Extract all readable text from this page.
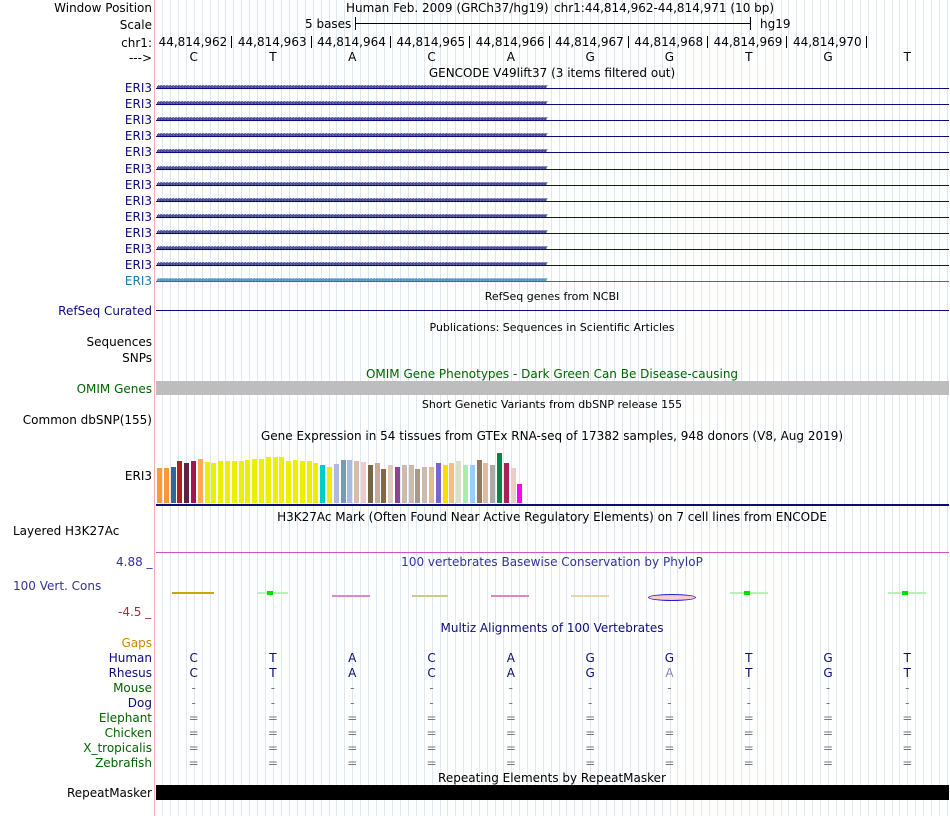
Window Position	Human Feb. 2009 (GRCh37/hg19) chr1:44,814,962-44,814,971 (10 bp)
Scale	5 bases	hg19
chr1: 44,814,962 44,814,963 44,814,964 44,814,965 44,814,966 44,814,967 44,814,968 44,814,969 44,814,970
--->	C	T	A	C	A	G	G	T	G	T
GENCODE V49lift37 (3 items filtered out)
ERI3 ‹‹‹‹‹‹‹‹‹‹‹‹‹‹‹‹‹‹‹‹‹‹‹‹‹‹‹‹‹‹‹‹‹‹‹‹‹‹‹‹‹‹‹‹‹‹‹‹‹‹‹‹‹‹‹‹‹‹‹‹‹‹‹‹‹‹‹‹‹‹‹‹‹‹‹‹‹‹‹‹‹‹‹‹‹‹‹‹‹‹‹‹‹‹‹‹‹‹‹‹‹‹‹‹‹‹‹‹‹‹‹‹‹‹‹‹‹‹‹‹‹‹‹‹‹‹‹‹‹‹‹‹‹‹‹‹‹‹‹‹‹‹‹‹‹‹‹‹‹‹‹‹‹‹‹‹‹‹‹‹‹‹‹‹‹‹‹‹‹‹‹‹‹‹‹‹‹‹‹‹‹‹‹‹‹‹‹‹‹‹‹‹‹‹‹‹‹‹‹‹‹‹‹‹‹‹‹‹‹‹‹‹‹‹‹‹‹‹‹‹‹‹‹‹‹‹‹‹‹‹‹‹‹‹‹‹‹‹‹‹‹‹‹‹‹‹‹‹‹‹‹‹‹‹‹‹‹‹‹‹
ERI3 ‹‹‹‹‹‹‹‹‹‹‹‹‹‹‹‹‹‹‹‹‹‹‹‹‹‹‹‹‹‹‹‹‹‹‹‹‹‹‹‹‹‹‹‹‹‹‹‹‹‹‹‹‹‹‹‹‹‹‹‹‹‹‹‹‹‹‹‹‹‹‹‹‹‹‹‹‹‹‹‹‹‹‹‹‹‹‹‹‹‹‹‹‹‹‹‹‹‹‹‹‹‹‹‹‹‹‹‹‹‹‹‹‹‹‹‹‹‹‹‹‹‹‹‹‹‹‹‹‹‹‹‹‹‹‹‹‹‹‹‹‹‹‹‹‹‹‹‹‹‹‹‹‹‹‹‹‹‹‹‹‹‹‹‹‹‹‹‹‹‹‹‹‹‹‹‹‹‹‹‹‹‹‹‹‹‹‹‹‹‹‹‹‹‹‹‹‹‹‹‹‹‹‹‹‹‹‹‹‹‹‹‹‹‹‹‹‹‹‹‹‹‹‹‹‹‹‹‹‹‹‹‹‹‹‹‹‹‹‹‹‹‹‹‹‹‹‹‹‹‹‹‹‹‹‹‹‹‹‹‹
ERI3 ‹‹‹‹‹‹‹‹‹‹‹‹‹‹‹‹‹‹‹‹‹‹‹‹‹‹‹‹‹‹‹‹‹‹‹‹‹‹‹‹‹‹‹‹‹‹‹‹‹‹‹‹‹‹‹‹‹‹‹‹‹‹‹‹‹‹‹‹‹‹‹‹‹‹‹‹‹‹‹‹‹‹‹‹‹‹‹‹‹‹‹‹‹‹‹‹‹‹‹‹‹‹‹‹‹‹‹‹‹‹‹‹‹‹‹‹‹‹‹‹‹‹‹‹‹‹‹‹‹‹‹‹‹‹‹‹‹‹‹‹‹‹‹‹‹‹‹‹‹‹‹‹‹‹‹‹‹‹‹‹‹‹‹‹‹‹‹‹‹‹‹‹‹‹‹‹‹‹‹‹‹‹‹‹‹‹‹‹‹‹‹‹‹‹‹‹‹‹‹‹‹‹‹‹‹‹‹‹‹‹‹‹‹‹‹‹‹‹‹‹‹‹‹‹‹‹‹‹‹‹‹‹‹‹‹‹‹‹‹‹‹‹‹‹‹‹‹‹‹‹‹‹‹‹‹‹‹‹‹‹
ERI3 ‹‹‹‹‹‹‹‹‹‹‹‹‹‹‹‹‹‹‹‹‹‹‹‹‹‹‹‹‹‹‹‹‹‹‹‹‹‹‹‹‹‹‹‹‹‹‹‹‹‹‹‹‹‹‹‹‹‹‹‹‹‹‹‹‹‹‹‹‹‹‹‹‹‹‹‹‹‹‹‹‹‹‹‹‹‹‹‹‹‹‹‹‹‹‹‹‹‹‹‹‹‹‹‹‹‹‹‹‹‹‹‹‹‹‹‹‹‹‹‹‹‹‹‹‹‹‹‹‹‹‹‹‹‹‹‹‹‹‹‹‹‹‹‹‹‹‹‹‹‹‹‹‹‹‹‹‹‹‹‹‹‹‹‹‹‹‹‹‹‹‹‹‹‹‹‹‹‹‹‹‹‹‹‹‹‹‹‹‹‹‹‹‹‹‹‹‹‹‹‹‹‹‹‹‹‹‹‹‹‹‹‹‹‹‹‹‹‹‹‹‹‹‹‹‹‹‹‹‹‹‹‹‹‹‹‹‹‹‹‹‹‹‹‹‹‹‹‹‹‹‹‹‹‹‹‹‹‹‹‹
ERI3 ‹‹‹‹‹‹‹‹‹‹‹‹‹‹‹‹‹‹‹‹‹‹‹‹‹‹‹‹‹‹‹‹‹‹‹‹‹‹‹‹‹‹‹‹‹‹‹‹‹‹‹‹‹‹‹‹‹‹‹‹‹‹‹‹‹‹‹‹‹‹‹‹‹‹‹‹‹‹‹‹‹‹‹‹‹‹‹‹‹‹‹‹‹‹‹‹‹‹‹‹‹‹‹‹‹‹‹‹‹‹‹‹‹‹‹‹‹‹‹‹‹‹‹‹‹‹‹‹‹‹‹‹‹‹‹‹‹‹‹‹‹‹‹‹‹‹‹‹‹‹‹‹‹‹‹‹‹‹‹‹‹‹‹‹‹‹‹‹‹‹‹‹‹‹‹‹‹‹‹‹‹‹‹‹‹‹‹‹‹‹‹‹‹‹‹‹‹‹‹‹‹‹‹‹‹‹‹‹‹‹‹‹‹‹‹‹‹‹‹‹‹‹‹‹‹‹‹‹‹‹‹‹‹‹‹‹‹‹‹‹‹‹‹‹‹‹‹‹‹‹‹‹‹‹‹‹‹‹‹‹
ERI3 ‹‹‹‹‹‹‹‹‹‹‹‹‹‹‹‹‹‹‹‹‹‹‹‹‹‹‹‹‹‹‹‹‹‹‹‹‹‹‹‹‹‹‹‹‹‹‹‹‹‹‹‹‹‹‹‹‹‹‹‹‹‹‹‹‹‹‹‹‹‹‹‹‹‹‹‹‹‹‹‹‹‹‹‹‹‹‹‹‹‹‹‹‹‹‹‹‹‹‹‹‹‹‹‹‹‹‹‹‹‹‹‹‹‹‹‹‹‹‹‹‹‹‹‹‹‹‹‹‹‹‹‹‹‹‹‹‹‹‹‹‹‹‹‹‹‹‹‹‹‹‹‹‹‹‹‹‹‹‹‹‹‹‹‹‹‹‹‹‹‹‹‹‹‹‹‹‹‹‹‹‹‹‹‹‹‹‹‹‹‹‹‹‹‹‹‹‹‹‹‹‹‹‹‹‹‹‹‹‹‹‹‹‹‹‹‹‹‹‹‹‹‹‹‹‹‹‹‹‹‹‹‹‹‹‹‹‹‹‹‹‹‹‹‹‹‹‹‹‹‹‹‹‹‹‹‹‹‹‹‹
ERI3 ‹‹‹‹‹‹‹‹‹‹‹‹‹‹‹‹‹‹‹‹‹‹‹‹‹‹‹‹‹‹‹‹‹‹‹‹‹‹‹‹‹‹‹‹‹‹‹‹‹‹‹‹‹‹‹‹‹‹‹‹‹‹‹‹‹‹‹‹‹‹‹‹‹‹‹‹‹‹‹‹‹‹‹‹‹‹‹‹‹‹‹‹‹‹‹‹‹‹‹‹‹‹‹‹‹‹‹‹‹‹‹‹‹‹‹‹‹‹‹‹‹‹‹‹‹‹‹‹‹‹‹‹‹‹‹‹‹‹‹‹‹‹‹‹‹‹‹‹‹‹‹‹‹‹‹‹‹‹‹‹‹‹‹‹‹‹‹‹‹‹‹‹‹‹‹‹‹‹‹‹‹‹‹‹‹‹‹‹‹‹‹‹‹‹‹‹‹‹‹‹‹‹‹‹‹‹‹‹‹‹‹‹‹‹‹‹‹‹‹‹‹‹‹‹‹‹‹‹‹‹‹‹‹‹‹‹‹‹‹‹‹‹‹‹‹‹‹‹‹‹‹‹‹‹‹‹‹‹‹‹
ERI3 ‹‹‹‹‹‹‹‹‹‹‹‹‹‹‹‹‹‹‹‹‹‹‹‹‹‹‹‹‹‹‹‹‹‹‹‹‹‹‹‹‹‹‹‹‹‹‹‹‹‹‹‹‹‹‹‹‹‹‹‹‹‹‹‹‹‹‹‹‹‹‹‹‹‹‹‹‹‹‹‹‹‹‹‹‹‹‹‹‹‹‹‹‹‹‹‹‹‹‹‹‹‹‹‹‹‹‹‹‹‹‹‹‹‹‹‹‹‹‹‹‹‹‹‹‹‹‹‹‹‹‹‹‹‹‹‹‹‹‹‹‹‹‹‹‹‹‹‹‹‹‹‹‹‹‹‹‹‹‹‹‹‹‹‹‹‹‹‹‹‹‹‹‹‹‹‹‹‹‹‹‹‹‹‹‹‹‹‹‹‹‹‹‹‹‹‹‹‹‹‹‹‹‹‹‹‹‹‹‹‹‹‹‹‹‹‹‹‹‹‹‹‹‹‹‹‹‹‹‹‹‹‹‹‹‹‹‹‹‹‹‹‹‹‹‹‹‹‹‹‹‹‹‹‹‹‹‹‹‹‹
ERI3 ‹‹‹‹‹‹‹‹‹‹‹‹‹‹‹‹‹‹‹‹‹‹‹‹‹‹‹‹‹‹‹‹‹‹‹‹‹‹‹‹‹‹‹‹‹‹‹‹‹‹‹‹‹‹‹‹‹‹‹‹‹‹‹‹‹‹‹‹‹‹‹‹‹‹‹‹‹‹‹‹‹‹‹‹‹‹‹‹‹‹‹‹‹‹‹‹‹‹‹‹‹‹‹‹‹‹‹‹‹‹‹‹‹‹‹‹‹‹‹‹‹‹‹‹‹‹‹‹‹‹‹‹‹‹‹‹‹‹‹‹‹‹‹‹‹‹‹‹‹‹‹‹‹‹‹‹‹‹‹‹‹‹‹‹‹‹‹‹‹‹‹‹‹‹‹‹‹‹‹‹‹‹‹‹‹‹‹‹‹‹‹‹‹‹‹‹‹‹‹‹‹‹‹‹‹‹‹‹‹‹‹‹‹‹‹‹‹‹‹‹‹‹‹‹‹‹‹‹‹‹‹‹‹‹‹‹‹‹‹‹‹‹‹‹‹‹‹‹‹‹‹‹‹‹‹‹‹‹‹‹
ERI3 ‹‹‹‹‹‹‹‹‹‹‹‹‹‹‹‹‹‹‹‹‹‹‹‹‹‹‹‹‹‹‹‹‹‹‹‹‹‹‹‹‹‹‹‹‹‹‹‹‹‹‹‹‹‹‹‹‹‹‹‹‹‹‹‹‹‹‹‹‹‹‹‹‹‹‹‹‹‹‹‹‹‹‹‹‹‹‹‹‹‹‹‹‹‹‹‹‹‹‹‹‹‹‹‹‹‹‹‹‹‹‹‹‹‹‹‹‹‹‹‹‹‹‹‹‹‹‹‹‹‹‹‹‹‹‹‹‹‹‹‹‹‹‹‹‹‹‹‹‹‹‹‹‹‹‹‹‹‹‹‹‹‹‹‹‹‹‹‹‹‹‹‹‹‹‹‹‹‹‹‹‹‹‹‹‹‹‹‹‹‹‹‹‹‹‹‹‹‹‹‹‹‹‹‹‹‹‹‹‹‹‹‹‹‹‹‹‹‹‹‹‹‹‹‹‹‹‹‹‹‹‹‹‹‹‹‹‹‹‹‹‹‹‹‹‹‹‹‹‹‹‹‹‹‹‹‹‹‹‹‹
ERI3 ‹‹‹‹‹‹‹‹‹‹‹‹‹‹‹‹‹‹‹‹‹‹‹‹‹‹‹‹‹‹‹‹‹‹‹‹‹‹‹‹‹‹‹‹‹‹‹‹‹‹‹‹‹‹‹‹‹‹‹‹‹‹‹‹‹‹‹‹‹‹‹‹‹‹‹‹‹‹‹‹‹‹‹‹‹‹‹‹‹‹‹‹‹‹‹‹‹‹‹‹‹‹‹‹‹‹‹‹‹‹‹‹‹‹‹‹‹‹‹‹‹‹‹‹‹‹‹‹‹‹‹‹‹‹‹‹‹‹‹‹‹‹‹‹‹‹‹‹‹‹‹‹‹‹‹‹‹‹‹‹‹‹‹‹‹‹‹‹‹‹‹‹‹‹‹‹‹‹‹‹‹‹‹‹‹‹‹‹‹‹‹‹‹‹‹‹‹‹‹‹‹‹‹‹‹‹‹‹‹‹‹‹‹‹‹‹‹‹‹‹‹‹‹‹‹‹‹‹‹‹‹‹‹‹‹‹‹‹‹‹‹‹‹‹‹‹‹‹‹‹‹‹‹‹‹‹‹‹‹‹
ERI3 ‹‹‹‹‹‹‹‹‹‹‹‹‹‹‹‹‹‹‹‹‹‹‹‹‹‹‹‹‹‹‹‹‹‹‹‹‹‹‹‹‹‹‹‹‹‹‹‹‹‹‹‹‹‹‹‹‹‹‹‹‹‹‹‹‹‹‹‹‹‹‹‹‹‹‹‹‹‹‹‹‹‹‹‹‹‹‹‹‹‹‹‹‹‹‹‹‹‹‹‹‹‹‹‹‹‹‹‹‹‹‹‹‹‹‹‹‹‹‹‹‹‹‹‹‹‹‹‹‹‹‹‹‹‹‹‹‹‹‹‹‹‹‹‹‹‹‹‹‹‹‹‹‹‹‹‹‹‹‹‹‹‹‹‹‹‹‹‹‹‹‹‹‹‹‹‹‹‹‹‹‹‹‹‹‹‹‹‹‹‹‹‹‹‹‹‹‹‹‹‹‹‹‹‹‹‹‹‹‹‹‹‹‹‹‹‹‹‹‹‹‹‹‹‹‹‹‹‹‹‹‹‹‹‹‹‹‹‹‹‹‹‹‹‹‹‹‹‹‹‹‹‹‹‹‹‹‹‹‹‹
ERI3 ‹‹‹‹‹‹‹‹‹‹‹‹‹‹‹‹‹‹‹‹‹‹‹‹‹‹‹‹‹‹‹‹‹‹‹‹‹‹‹‹‹‹‹‹‹‹‹‹‹‹‹‹‹‹‹‹‹‹‹‹‹‹‹‹‹‹‹‹‹‹‹‹‹‹‹‹‹‹‹‹‹‹‹‹‹‹‹‹‹‹‹‹‹‹‹‹‹‹‹‹‹‹‹‹‹‹‹‹‹‹‹‹‹‹‹‹‹‹‹‹‹‹‹‹‹‹‹‹‹‹‹‹‹‹‹‹‹‹‹‹‹‹‹‹‹‹‹‹‹‹‹‹‹‹‹‹‹‹‹‹‹‹‹‹‹‹‹‹‹‹‹‹‹‹‹‹‹‹‹‹‹‹‹‹‹‹‹‹‹‹‹‹‹‹‹‹‹‹‹‹‹‹‹‹‹‹‹‹‹‹‹‹‹‹‹‹‹‹‹‹‹‹‹‹‹‹‹‹‹‹‹‹‹‹‹‹‹‹‹‹‹‹‹‹‹‹‹‹‹‹‹‹‹‹‹‹‹‹‹‹
RefSeq genes from NCBI
RefSeq Curated
Publications: Sequences in Scientific Articles
Sequences
SNPs
OMIM Gene Phenotypes - Dark Green Can Be Disease-causing
OMIM Genes
Short Genetic Variants from dbSNP release 155
Common dbSNP(155)
Gene Expression in 54 tissues from GTEx RNA-seq of 17382 samples, 948 donors (V8, Aug 2019)
ERI3
H3K27Ac Mark (Often Found Near Active Regulatory Elements) on 7 cell lines from ENCODE
Layered H3K27Ac
4.88 _	100 vertebrates Basewise Conservation by PhyloP
100 Vert. Cons
-4.5 _
Gaps
Multiz Alignments of 100 Vertebrates
Human	C	T	A	C	A	G	G	T	G	T
Rhesus	C	T	A	C	A	G	A	T	G	T
Mouse	-	-	-	-	-	-	-	-	-	-
Dog	-	-	-	-	-	-	-	-	-	-
Elephant	=	=	=	=	=	=	=	=	=	=
Chicken	=	=	=	=	=	=	=	=	=	=
X_tropicalis	=	=	=	=	=	=	=	=	=	=
Zebrafish	=	=	=	=	=	=	=	=	=	=
Repeating Elements by RepeatMasker
RepeatMasker
